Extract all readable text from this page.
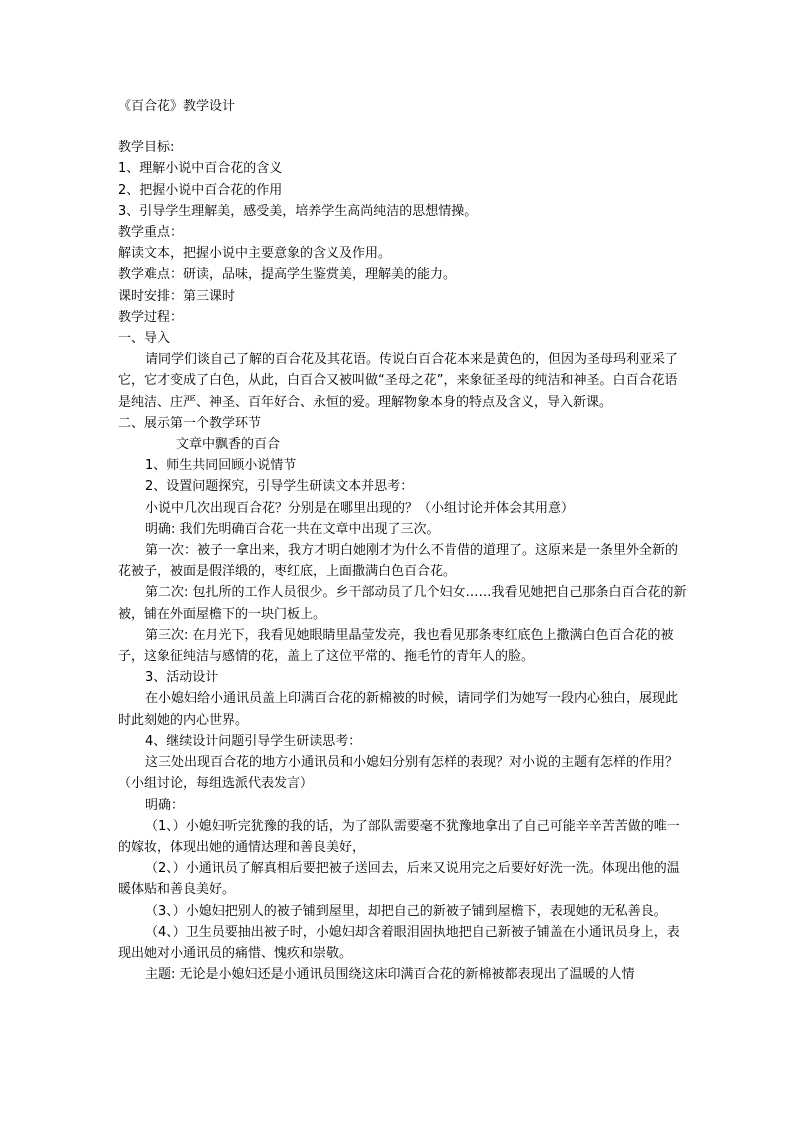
《百合花》教学设计

教学目标:

1、理解小说中百合花的含义

2、把握小说中百合花的作用

3、引导学生理解美，感受美，培养学生高尚纯洁的思想情操。

教学重点：

解读文本，把握小说中主要意象的含义及作用。

教学难点：研读，品味，提高学生鉴赏美，理解美的能力。

课时安排：第三课时

教学过程：

一、导入

请同学们谈自己了解的百合花及其花语。传说白百合花本来是黄色的，但因为圣母玛利亚采了它，它才变成了白色，从此，白百合又被叫做“圣母之花”，来象征圣母的纯洁和神圣。白百合花语是纯洁、庄严、神圣、百年好合、永恒的爱。理解物象本身的特点及含义，导入新课。

二、展示第一个教学环节

文章中飘香的百合

1、师生共同回顾小说情节

2、设置问题探究，引导学生研读文本并思考：

小说中几次出现百合花？分别是在哪里出现的？（小组讨论并体会其用意）

明确: 我们先明确百合花一共在文章中出现了三次。

第一次：被子一拿出来，我方才明白她刚才为什么不肯借的道理了。这原来是一条里外全新的花被子，被面是假洋缎的，枣红底，上面撒满白色百合花。

第二次: 包扎所的工作人员很少。乡干部动员了几个妇女……我看见她把自己那条白百合花的新被，铺在外面屋檐下的一块门板上。

第三次: 在月光下，我看见她眼睛里晶莹发亮，我也看见那条枣红底色上撒满白色百合花的被子，这象征纯洁与感情的花，盖上了这位平常的、拖毛竹的青年人的脸。

3、活动设计

在小媳妇给小通讯员盖上印满百合花的新棉被的时候，请同学们为她写一段内心独白，展现此时此刻她的内心世界。

4、继续设计问题引导学生研读思考：

这三处出现百合花的地方小通讯员和小媳妇分别有怎样的表现？对小说的主题有怎样的作用？（小组讨论，每组选派代表发言）

明确：

（1、）小媳妇听完犹豫的我的话，为了部队需要毫不犹豫地拿出了自己可能辛辛苦苦做的唯一的嫁妆，体现出她的通情达理和善良美好，

（2、）小通讯员了解真相后要把被子送回去，后来又说用完之后要好好洗一洗。体现出他的温暖体贴和善良美好。

（3、）小媳妇把别人的被子铺到屋里，却把自己的新被子铺到屋檐下，表现她的无私善良。

（4、）卫生员要抽出被子时，小媳妇却含着眼泪固执地把自己新被子铺盖在小通讯员身上，表现出她对小通讯员的痛惜、愧疚和崇敬。

主题: 无论是小媳妇还是小通讯员围绕这床印满百合花的新棉被都表现出了温暖的人情
